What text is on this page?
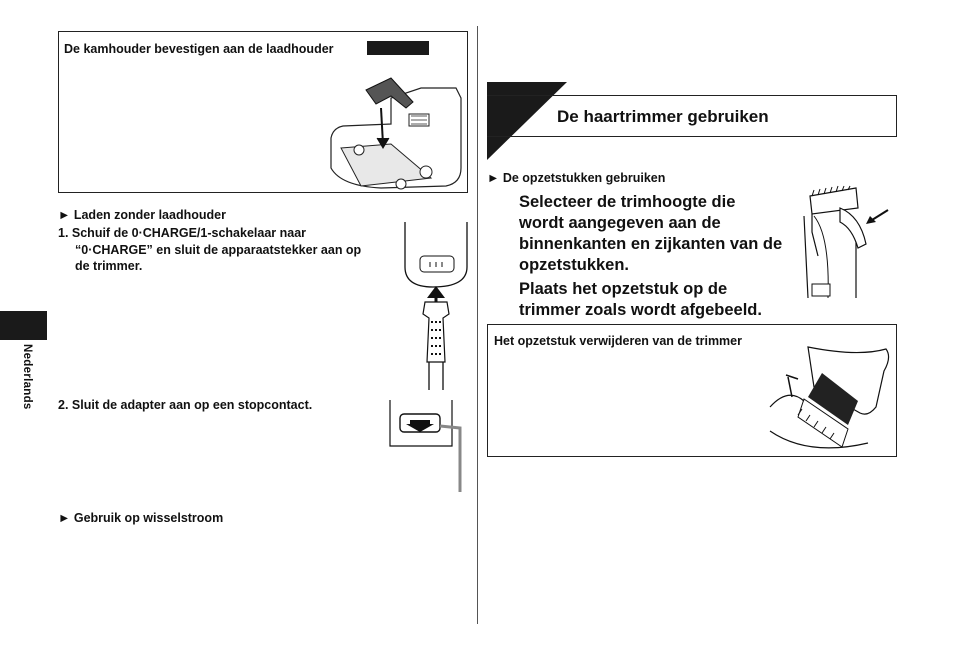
Nederlands
De kamhouder bevestigen aan de laadhouder
► Laden zonder laadhouder
1. Schuif de 0·CHARGE/1-schakelaar naar
“0·CHARGE” en sluit de apparaatstekker aan op
de trimmer.
2. Sluit de adapter aan op een stopcontact.
► Gebruik op wisselstroom
De haartrimmer gebruiken
► De opzetstukken gebruiken
Selecteer de trimhoogte die
wordt aangegeven aan de
binnenkanten en zijkanten van de
opzetstukken.
Plaats het opzetstuk op de
trimmer zoals wordt afgebeeld.
Het opzetstuk verwijderen van de trimmer
